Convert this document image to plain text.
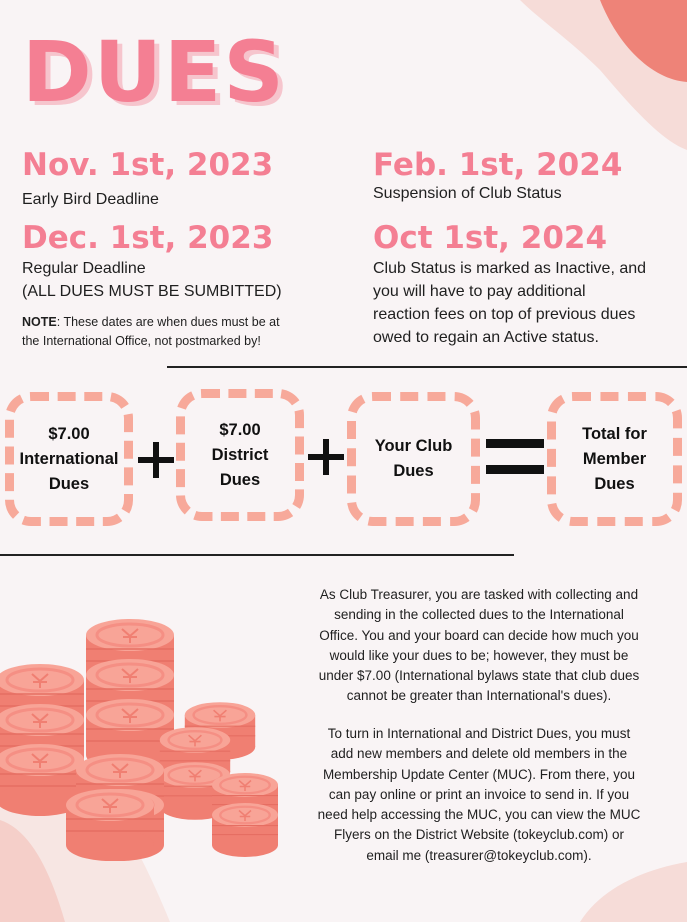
DUES
Nov. 1st, 2023
Early Bird Deadline
Dec. 1st, 2023
Regular Deadline
(ALL DUES MUST BE SUMBITTED)
NOTE: These dates are when dues must be at
the International Office, not postmarked by!
Feb. 1st, 2024
Suspension of Club Status
Oct 1st, 2024
Club Status is marked as Inactive, and
you will have to pay additional
reaction fees on top of previous dues
owed to regain an Active status.
$7.00
International
Dues
$7.00
District
Dues
Your Club
Dues
Total for
Member
Dues
As Club Treasurer, you are tasked with collecting and
sending in the collected dues to the International
Office. You and your board can decide how much you
would like your dues to be; however, they must be
under $7.00 (International bylaws state that club dues
cannot be greater than International's dues).
To turn in International and District Dues, you must
add new members and delete old members in the
Membership Update Center (MUC). From there, you
can pay online or print an invoice to send in. If you
need help accessing the MUC, you can view the MUC
Flyers on the District Website (tokeyclub.com) or
email me (treasurer@tokeyclub.com).
